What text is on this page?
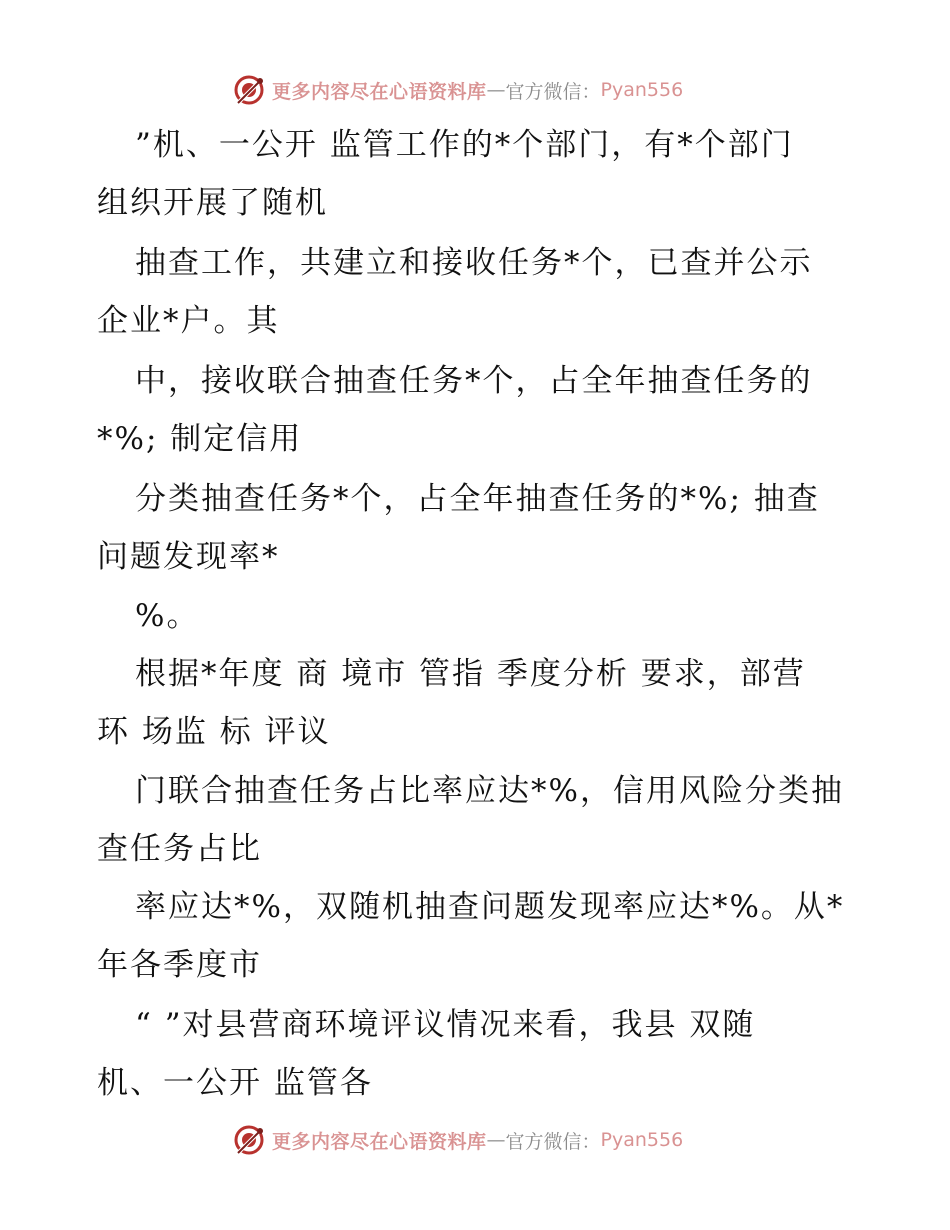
更多内容尽在心语资料库 — 官方微信： Pyan556
”机、一公开 监管工作的*个部门，有*个部门
组织开展了随机
抽查工作，共建立和接收任务*个，已查并公示
企业*户。其
中，接收联合抽查任务*个，占全年抽查任务的
*%; 制定信用
分类抽查任务*个，占全年抽查任务的*%; 抽查
问题发现率*
%。
根据*年度 商 境市 管指 季度分析 要求，部营
环 场监 标 评议
门联合抽查任务占比率应达*%，信用风险分类抽
查任务占比
率应达*%，双随机抽查问题发现率应达*%。从*
年各季度市
“ ”对县营商环境评议情况来看，我县 双随
机、一公开 监管各
更多内容尽在心语资料库 — 官方微信： Pyan556
